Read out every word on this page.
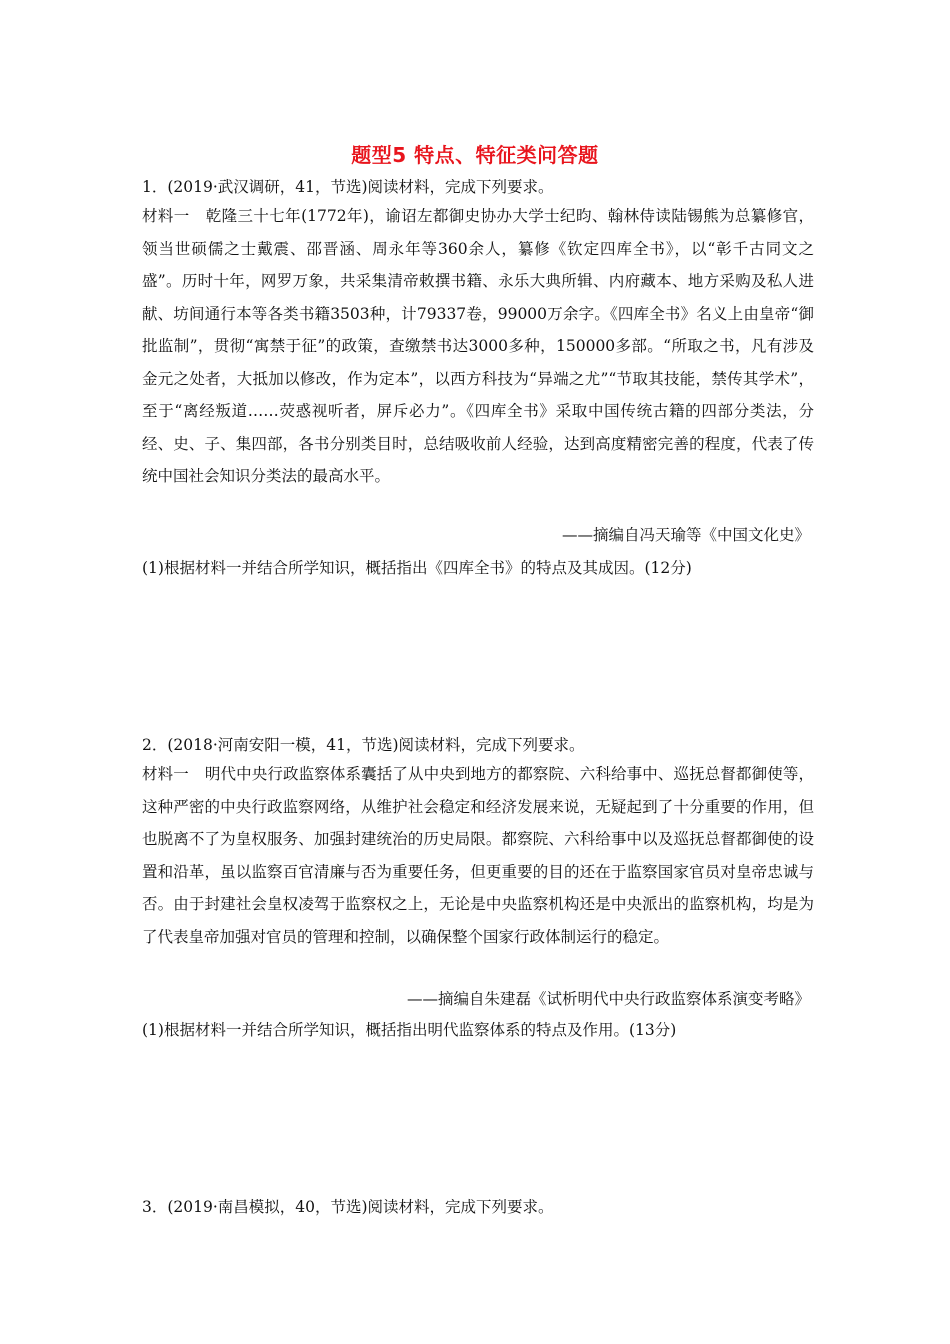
题型5 特点、特征类问答题
1．(2019·武汉调研，41，节选)阅读材料，完成下列要求。
材料一 乾隆三十七年(1772年)，谕诏左都御史协办大学士纪昀、翰林侍读陆锡熊为总纂修官，领当世硕儒之士戴震、邵晋涵、周永年等360余人，纂修《钦定四库全书》，以“彰千古同文之盛”。历时十年，网罗万象，共采集清帝敕撰书籍、永乐大典所辑、内府藏本、地方采购及私人进献、坊间通行本等各类书籍3503种，计79337卷，99000万余字。《四库全书》名义上由皇帝“御批监制”，贯彻“寓禁于征”的政策，查缴禁书达3000多种，150000多部。“所取之书，凡有涉及金元之处者，大抵加以修改，作为定本”，以西方科技为“异端之尤”“节取其技能，禁传其学术”，至于“离经叛道……荧惑视听者，屏斥必力”。《四库全书》采取中国传统古籍的四部分类法，分经、史、子、集四部，各书分别类目时，总结吸收前人经验，达到高度精密完善的程度，代表了传统中国社会知识分类法的最高水平。
——摘编自冯天瑜等《中国文化史》
(1)根据材料一并结合所学知识，概括指出《四库全书》的特点及其成因。(12分)
2．(2018·河南安阳一模，41，节选)阅读材料，完成下列要求。
材料一 明代中央行政监察体系囊括了从中央到地方的都察院、六科给事中、巡抚总督都御使等，这种严密的中央行政监察网络，从维护社会稳定和经济发展来说，无疑起到了十分重要的作用，但也脱离不了为皇权服务、加强封建统治的历史局限。都察院、六科给事中以及巡抚总督都御使的设置和沿革，虽以监察百官清廉与否为重要任务，但更重要的目的还在于监察国家官员对皇帝忠诚与否。由于封建社会皇权凌驾于监察权之上，无论是中央监察机构还是中央派出的监察机构，均是为了代表皇帝加强对官员的管理和控制，以确保整个国家行政体制运行的稳定。
——摘编自朱建磊《试析明代中央行政监察体系演变考略》
(1)根据材料一并结合所学知识，概括指出明代监察体系的特点及作用。(13分)
3．(2019·南昌模拟，40，节选)阅读材料，完成下列要求。
